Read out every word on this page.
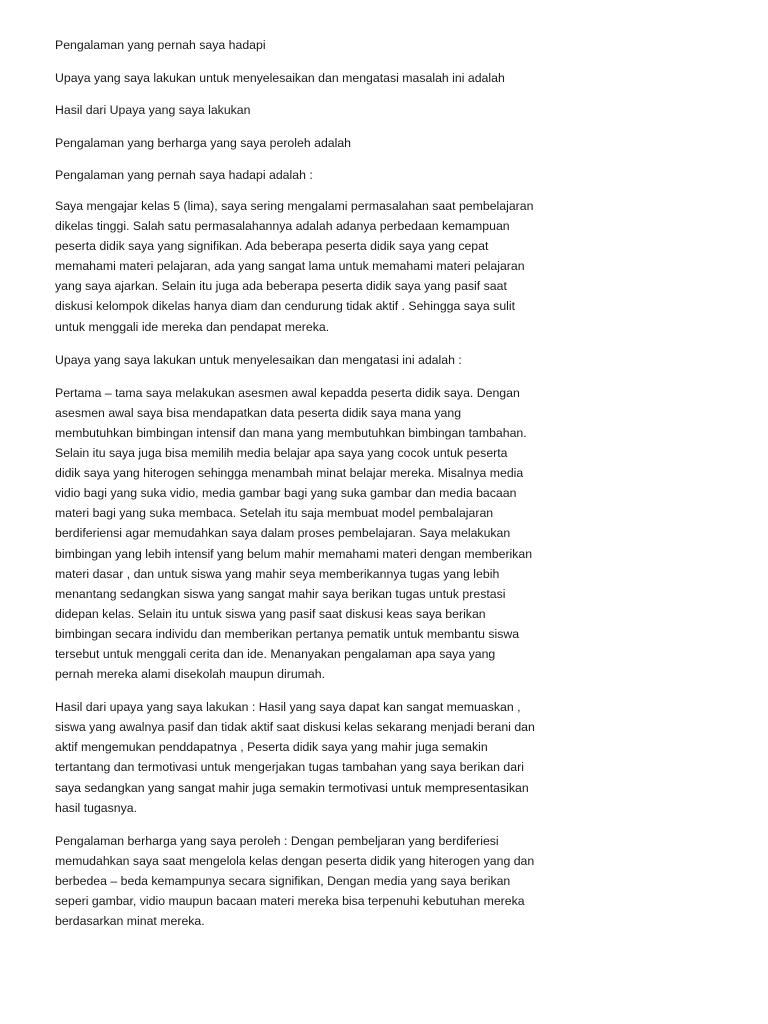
Pengalaman yang pernah saya hadapi

Upaya yang saya lakukan untuk menyelesaikan dan mengatasi masalah ini adalah

Hasil dari Upaya yang saya lakukan

Pengalaman yang berharga yang saya peroleh adalah

Pengalaman yang pernah saya hadapi adalah :

Saya mengajar kelas 5 (lima), saya sering mengalami permasalahan saat pembelajaran dikelas tinggi. Salah satu permasalahannya adalah adanya perbedaan kemampuan peserta didik saya yang signifikan. Ada beberapa peserta didik saya yang cepat memahami materi pelajaran, ada yang sangat lama untuk memahami materi pelajaran yang saya ajarkan. Selain itu juga ada beberapa peserta didik saya yang pasif saat diskusi kelompok dikelas hanya diam dan cendurung tidak aktif . Sehingga saya sulit untuk menggali ide mereka dan pendapat mereka.

Upaya yang saya lakukan untuk menyelesaikan dan mengatasi ini adalah :

Pertama – tama saya melakukan asesmen awal kepadda peserta didik saya. Dengan asesmen awal saya bisa mendapatkan data peserta didik saya mana yang membutuhkan bimbingan intensif dan mana yang membutuhkan bimbingan tambahan. Selain itu saya juga bisa memilih media belajar apa saya yang cocok untuk peserta didik saya yang hiterogen sehingga menambah minat belajar mereka. Misalnya media vidio bagi yang suka vidio, media gambar bagi yang suka gambar dan media bacaan materi bagi yang suka membaca. Setelah itu saja membuat model pembalajaran berdiferiensi agar memudahkan saya dalam proses pembelajaran. Saya melakukan bimbingan yang lebih intensif yang belum mahir memahami materi dengan memberikan materi dasar , dan untuk siswa yang mahir seya memberikannya tugas yang lebih menantang sedangkan siswa yang sangat mahir saya berikan tugas untuk prestasi didepan kelas. Selain itu untuk siswa yang pasif saat diskusi keas saya berikan bimbingan secara individu dan memberikan pertanya pematik untuk membantu siswa tersebut untuk menggali cerita dan ide. Menanyakan pengalaman apa saya yang pernah mereka alami disekolah maupun dirumah.

Hasil dari upaya yang saya lakukan : Hasil yang saya dapat kan sangat memuaskan , siswa yang awalnya pasif dan tidak aktif saat diskusi kelas sekarang menjadi berani dan aktif mengemukan penddapatnya , Peserta didik saya yang mahir juga semakin tertantang dan termotivasi untuk mengerjakan tugas tambahan yang saya berikan dari saya sedangkan yang sangat mahir juga semakin termotivasi untuk mempresentasikan hasil tugasnya.

Pengalaman berharga yang saya peroleh : Dengan pembeljaran yang berdiferiesi memudahkan saya saat mengelola kelas dengan peserta didik yang hiterogen yang dan berbedea – beda kemampunya secara signifikan, Dengan media yang saya berikan seperi gambar, vidio maupun bacaan materi mereka bisa terpenuhi kebutuhan mereka berdasarkan minat mereka.
